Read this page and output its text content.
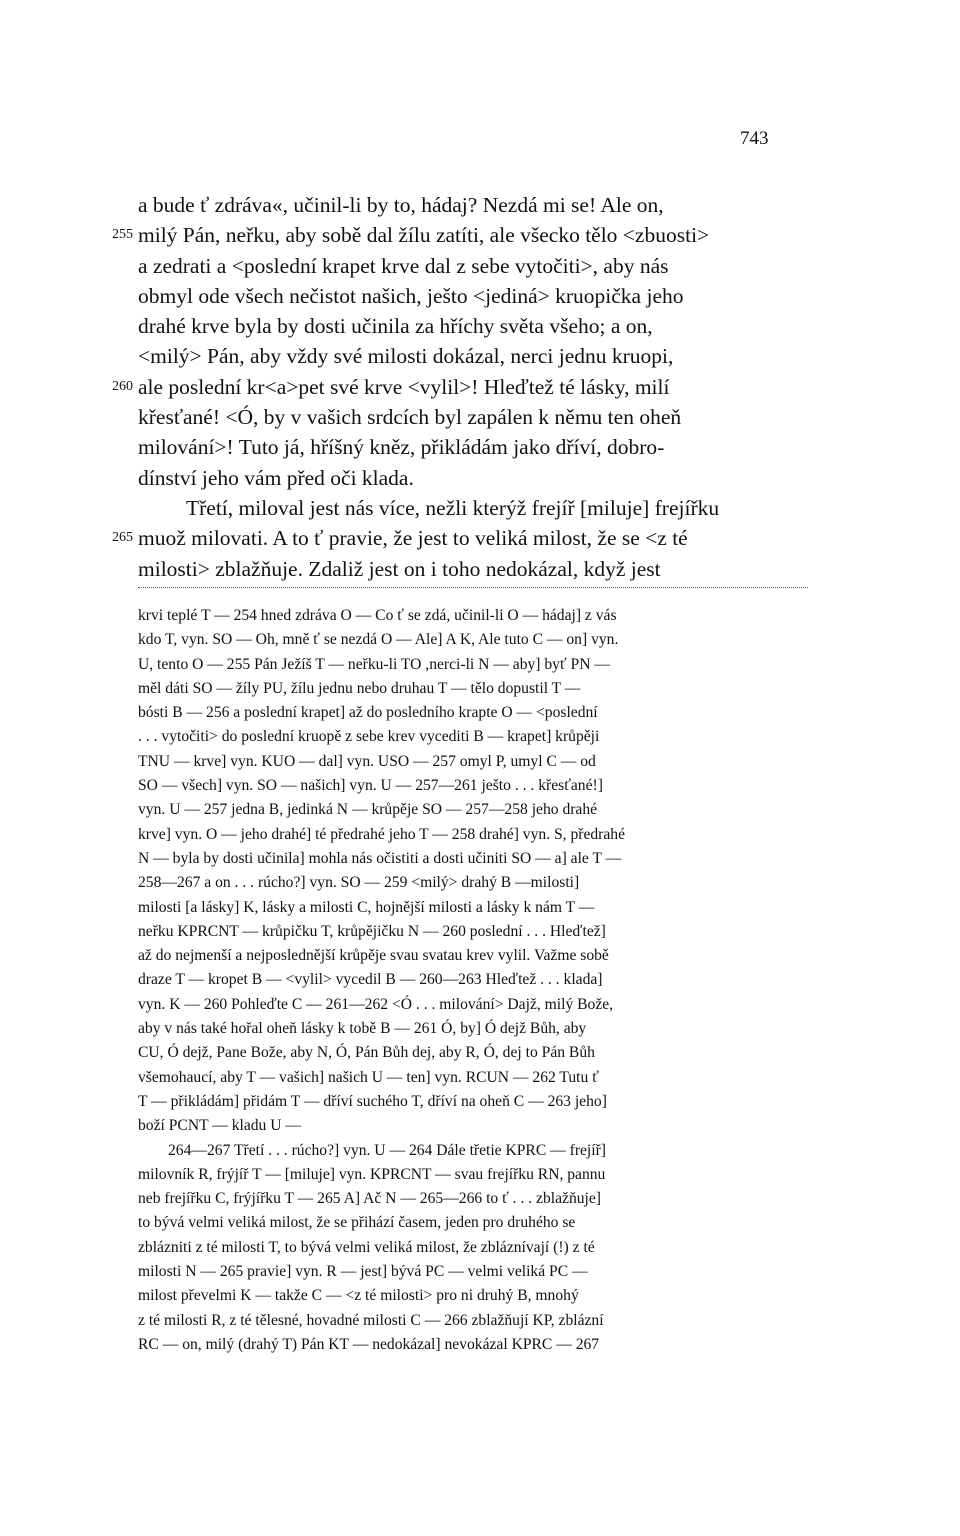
743
a bude ť zdráva«, učinil-li by to, hádaj? Nezdá mi se! Ale on,
255 milý Pán, neřku, aby sobě dal žílu zatíti, ale všecko tělo <zbuosti>
a zedrati a <poslední krapet krve dal z sebe vytočiti>, aby nás
obmyl ode všech nečistot našich, ješto <jediná> kruopička jeho
drahé krve byla by dosti učinila za hříchy světa všeho; a on,
<milý> Pán, aby vždy své milosti dokázal, nerci jednu kruopi,
260 ale poslední kr<a>pet své krve <vylil>! Hleďtež té lásky, milí
křesťané! <Ó, by v vašich srdcích byl zapálen k němu ten oheň
milování>! Tuto já, hříšný kněz, přikládám jako dříví, dobro-
dínství jeho vám před oči klada.
Třetí, miloval jest nás více, nežli kterýž frejíř [miluje] frejířku
265 muož milovati. A to ť pravie, že jest to veliká milost, že se <z té
milosti> zblažňuje. Zdaliž jest on i toho nedokázal, když jest
krvi teplé T — 254 hned zdráva O — Co ť se zdá, učinil-li O — hádaj] z vás
kdo T, vyn. SO — Oh, mně ť se nezdá O — Ale] A K, Ale tuto C — on] vyn.
U, tento O — 255 Pán Ježíš T — neřku-li TO ,nerci-li N — aby] byť PN —
měl dáti SO — žíly PU, žílu jednu nebo druhau T — tělo dopustil T —
bósti B — 256 a poslední krapet] až do posledního krapte O — <poslední
. . . vytočiti> do poslední kruopě z sebe krev vycediti B — krapet] krůpěji
TNU — krve] vyn. KUO — dal] vyn. USO — 257 omyl P, umyl C — od
SO — všech] vyn. SO — našich] vyn. U — 257—261 ješto . . . křesťané!]
vyn. U — 257 jedna B, jedinká N — krůpěje SO — 257—258 jeho drahé
krve] vyn. O — jeho drahé] té předrahé jeho T — 258 drahé] vyn. S, předrahé
N — byla by dosti učinila] mohla nás očistiti a dosti učiniti SO — a] ale T —
258—267 a on . . . rúcho?] vyn. SO — 259 <milý> drahý B —milosti]
milosti [a lásky] K, lásky a milosti C, hojnější milosti a lásky k nám T —
neřku KPRCNT — krůpičku T, krůpějičku N — 260 poslední . . . Hleďtež]
až do nejmenší a nejposlednější krůpěje svau svatau krev vylil. Važme sobě
draze T — kropet B — <vylil> vycedil B — 260—263 Hleďtež . . . klada]
vyn. K — 260 Pohleďte C — 261—262 <Ó . . . milování> Dajž, milý Bože,
aby v nás také hořal oheň lásky k tobě B — 261 Ó, by] Ó dejž Bůh, aby
CU, Ó dejž, Pane Bože, aby N, Ó, Pán Bůh dej, aby R, Ó, dej to Pán Bůh
všemohaucí, aby T — vašich] našich U — ten] vyn. RCUN — 262 Tutu ť
T — přikládám] přidám T — dříví suchého T, dříví na oheň C — 263 jeho]
boží PCNT — kladu U —
264—267 Třetí . . . rúcho?] vyn. U — 264 Dále třetie KPRC — frejíř]
milovník R, frýjíř T — [miluje] vyn. KPRCNT — svau frejířku RN, pannu
neb frejířku C, frýjířku T — 265 A] Ač N — 265—266 to ť . . . zblažňuje]
to bývá velmi veliká milost, že se přihází časem, jeden pro druhého se
zblázniti z té milosti T, to bývá velmi veliká milost, že zbláznívají (!) z té
milosti N — 265 pravie] vyn. R — jest] bývá PC — velmi veliká PC —
milost převelmi K — takže C — <z té milosti> pro ni druhý B, mnohý
z té milosti R, z té tělesné, hovadné milosti C — 266 zblažňují KP, zblázní
RC — on, milý (drahý T) Pán KT — nedokázal] nevokázal KPRC — 267
